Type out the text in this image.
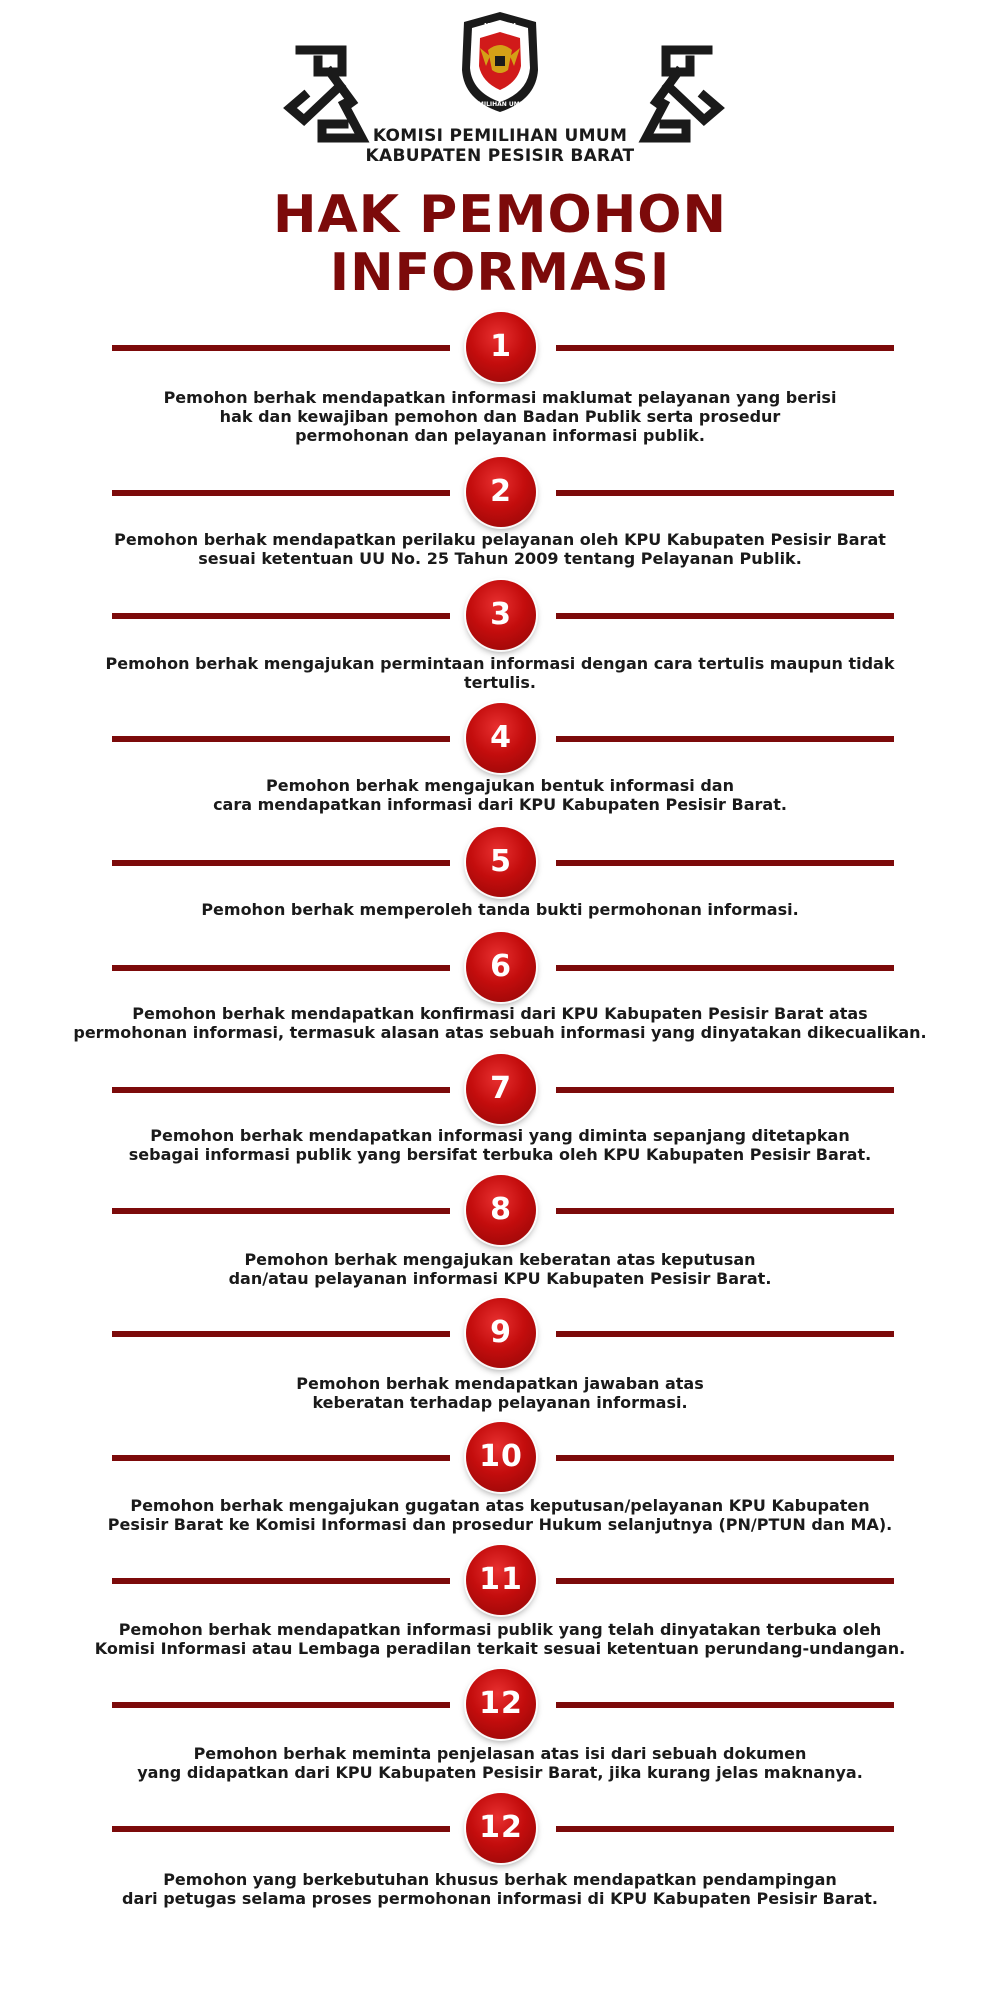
KOMISI
PEMILIHAN UMUM
KOMISI PEMILIHAN UMUM
KABUPATEN PESISIR BARAT
HAK PEMOHON
INFORMASI
1
Pemohon berhak mendapatkan informasi maklumat pelayanan yang berisi
hak dan kewajiban pemohon dan Badan Publik serta prosedur
permohonan dan pelayanan informasi publik.
2
Pemohon berhak mendapatkan perilaku pelayanan oleh KPU Kabupaten Pesisir Barat
sesuai ketentuan UU No. 25 Tahun 2009 tentang Pelayanan Publik.
3
Pemohon berhak mengajukan permintaan informasi dengan cara tertulis maupun tidak
tertulis.
4
Pemohon berhak mengajukan bentuk informasi dan
cara mendapatkan informasi dari KPU Kabupaten Pesisir Barat.
5
Pemohon berhak memperoleh tanda bukti permohonan informasi.
6
Pemohon berhak mendapatkan konfirmasi dari KPU Kabupaten Pesisir Barat atas
permohonan informasi, termasuk alasan atas sebuah informasi yang dinyatakan dikecualikan.
7
Pemohon berhak mendapatkan informasi yang diminta sepanjang ditetapkan
sebagai informasi publik yang bersifat terbuka oleh KPU Kabupaten Pesisir Barat.
8
Pemohon berhak mengajukan keberatan atas keputusan
dan/atau pelayanan informasi KPU Kabupaten Pesisir Barat.
9
Pemohon berhak mendapatkan jawaban atas
keberatan terhadap pelayanan informasi.
10
Pemohon berhak mengajukan gugatan atas keputusan/pelayanan KPU Kabupaten
Pesisir Barat ke Komisi Informasi dan prosedur Hukum selanjutnya (PN/PTUN dan MA).
11
Pemohon berhak mendapatkan informasi publik yang telah dinyatakan terbuka oleh
Komisi Informasi atau Lembaga peradilan terkait sesuai ketentuan perundang-undangan.
12
Pemohon berhak meminta penjelasan atas isi dari sebuah dokumen
yang didapatkan dari KPU Kabupaten Pesisir Barat, jika kurang jelas maknanya.
12
Pemohon yang berkebutuhan khusus berhak mendapatkan pendampingan
dari petugas selama proses permohonan informasi di KPU Kabupaten Pesisir Barat.
